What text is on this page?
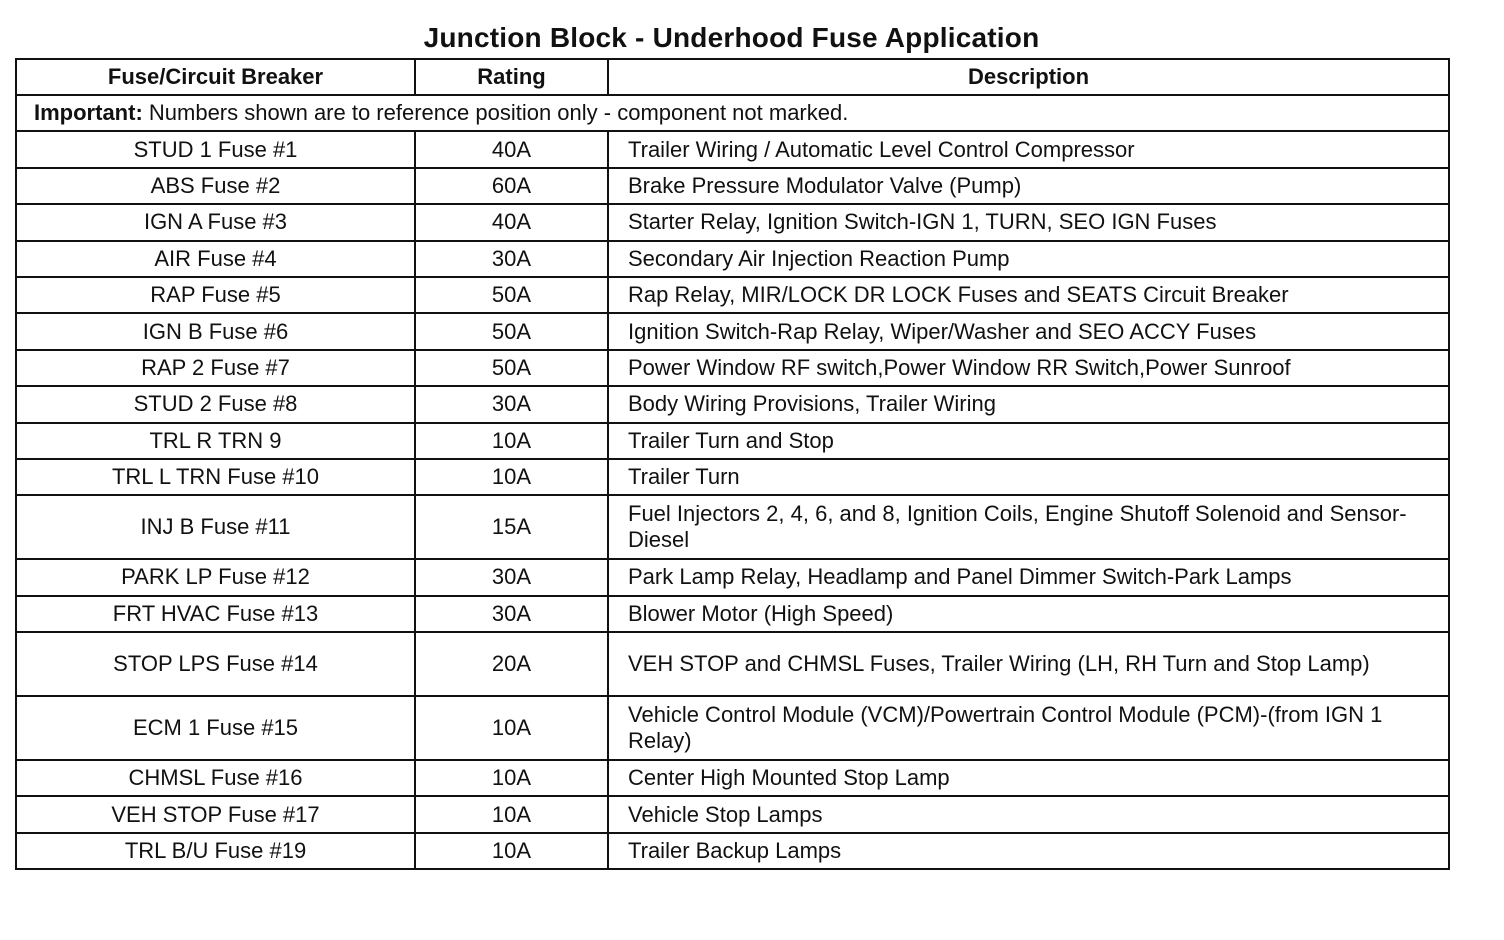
Junction Block - Underhood Fuse Application
Fuse/Circuit Breaker	Rating	Description
Important: Numbers shown are to reference position only - component not marked.		
STUD 1 Fuse #1	40A	Trailer Wiring / Automatic Level Control Compressor
ABS Fuse #2	60A	Brake Pressure Modulator Valve (Pump)
IGN A Fuse #3	40A	Starter Relay, Ignition Switch-IGN 1, TURN, SEO IGN Fuses
AIR Fuse #4	30A	Secondary Air Injection Reaction Pump
RAP Fuse #5	50A	Rap Relay, MIR/LOCK DR LOCK Fuses and SEATS Circuit Breaker
IGN B Fuse #6	50A	Ignition Switch-Rap Relay, Wiper/Washer and SEO ACCY Fuses
RAP 2 Fuse #7	50A	Power Window RF switch,Power Window RR Switch,Power Sunroof
STUD 2 Fuse #8	30A	Body Wiring Provisions, Trailer Wiring
TRL R TRN 9	10A	Trailer Turn and Stop
TRL L TRN Fuse #10	10A	Trailer Turn
INJ B Fuse #11	15A	Fuel Injectors 2, 4, 6, and 8, Ignition Coils, Engine Shutoff Solenoid and Sensor-Diesel
PARK LP Fuse #12	30A	Park Lamp Relay, Headlamp and Panel Dimmer Switch-Park Lamps
FRT HVAC Fuse #13	30A	Blower Motor (High Speed)
STOP LPS Fuse #14	20A	VEH STOP and CHMSL Fuses, Trailer Wiring (LH, RH Turn and Stop Lamp)
ECM 1 Fuse #15	10A	Vehicle Control Module (VCM)/Powertrain Control Module (PCM)-(from IGN 1 Relay)
CHMSL Fuse #16	10A	Center High Mounted Stop Lamp
VEH STOP Fuse #17	10A	Vehicle Stop Lamps
TRL B/U Fuse #19	10A	Trailer Backup Lamps
